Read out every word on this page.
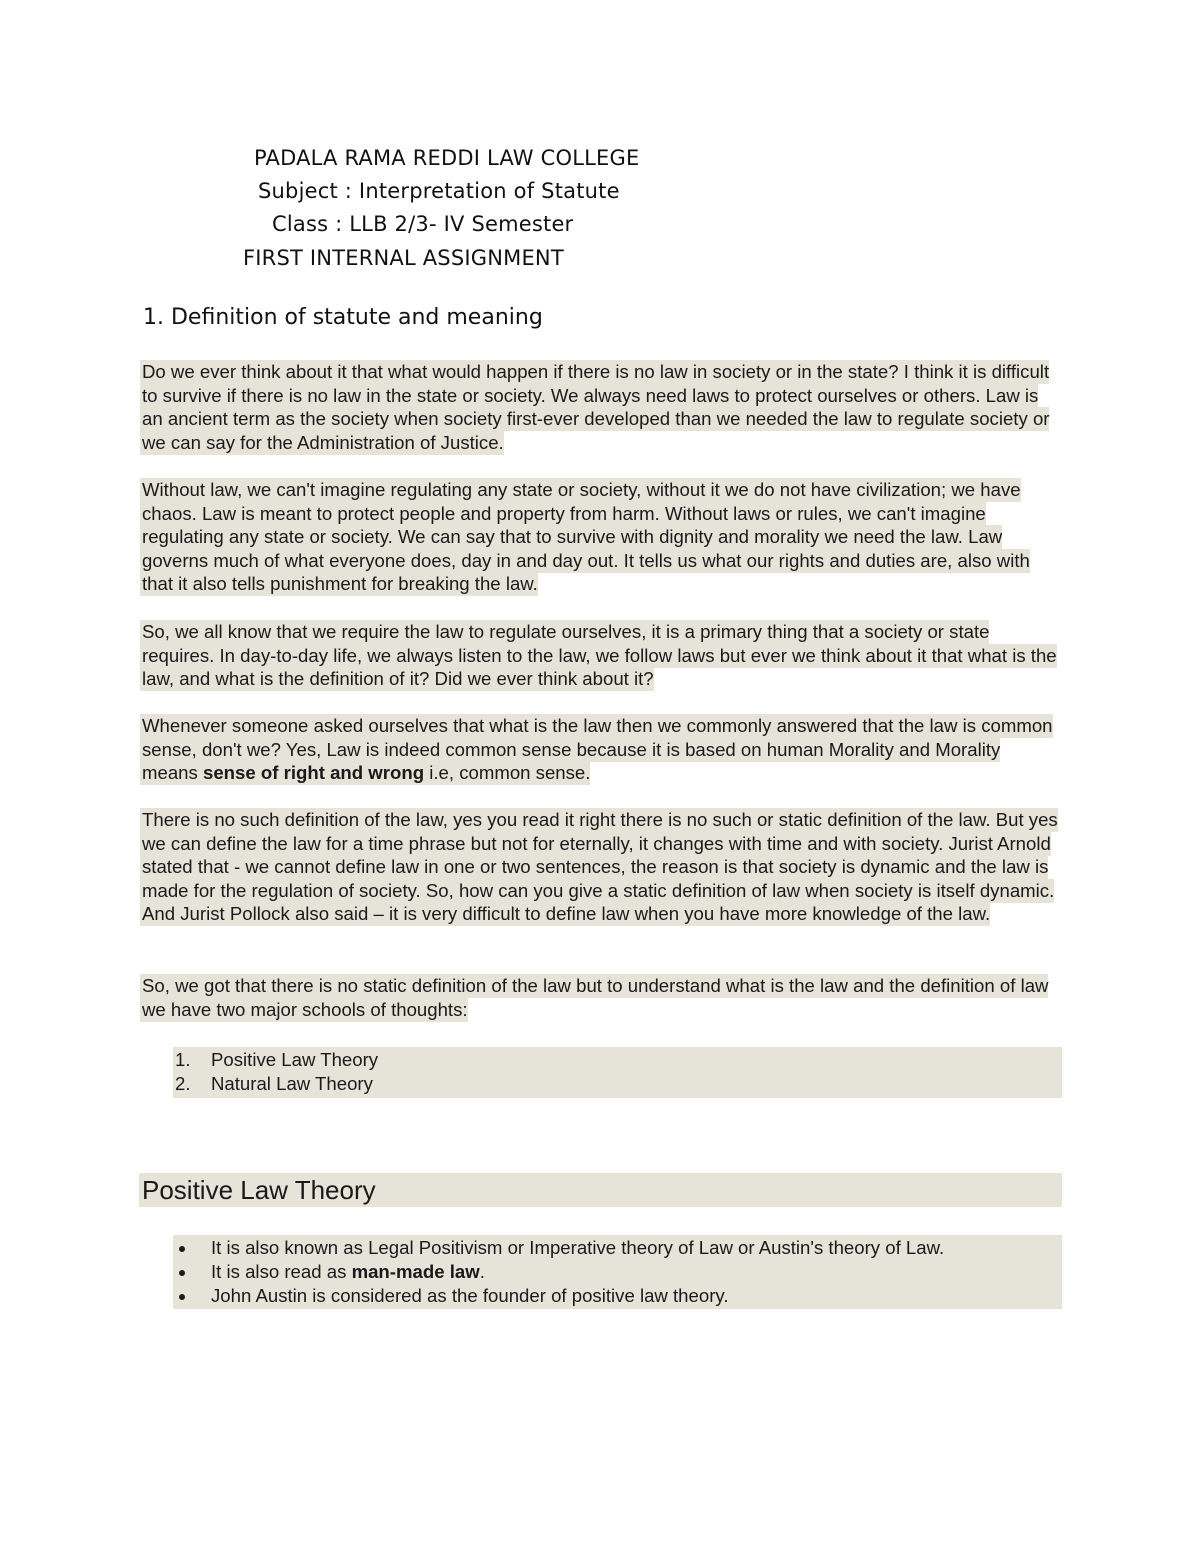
PADALA RAMA REDDI LAW COLLEGE
Subject : Interpretation of Statute
Class : LLB 2/3- IV Semester
FIRST INTERNAL ASSIGNMENT
1. Definition of statute and meaning
Do we ever think about it that what would happen if there is no law in society or in the state? I think it is difficult to survive if there is no law in the state or society. We always need laws to protect ourselves or others. Law is an ancient term as the society when society first-ever developed than we needed the law to regulate society or we can say for the Administration of Justice.
Without law, we can't imagine regulating any state or society, without it we do not have civilization; we have chaos. Law is meant to protect people and property from harm. Without laws or rules, we can't imagine regulating any state or society. We can say that to survive with dignity and morality we need the law. Law governs much of what everyone does, day in and day out. It tells us what our rights and duties are, also with that it also tells punishment for breaking the law.
So, we all know that we require the law to regulate ourselves, it is a primary thing that a society or state requires. In day-to-day life, we always listen to the law, we follow laws but ever we think about it that what is the law, and what is the definition of it? Did we ever think about it?
Whenever someone asked ourselves that what is the law then we commonly answered that the law is common sense, don't we? Yes, Law is indeed common sense because it is based on human Morality and Morality means sense of right and wrong i.e, common sense.
There is no such definition of the law, yes you read it right there is no such or static definition of the law. But yes we can define the law for a time phrase but not for eternally, it changes with time and with society. Jurist Arnold stated that - we cannot define law in one or two sentences, the reason is that society is dynamic and the law is made for the regulation of society. So, how can you give a static definition of law when society is itself dynamic. And Jurist Pollock also said – it is very difficult to define law when you have more knowledge of the law.
So, we got that there is no static definition of the law but to understand what is the law and the definition of law we have two major schools of thoughts:
1. Positive Law Theory
2. Natural Law Theory
Positive Law Theory
It is also known as Legal Positivism or Imperative theory of Law or Austin's theory of Law.
It is also read as man-made law.
John Austin is considered as the founder of positive law theory.
